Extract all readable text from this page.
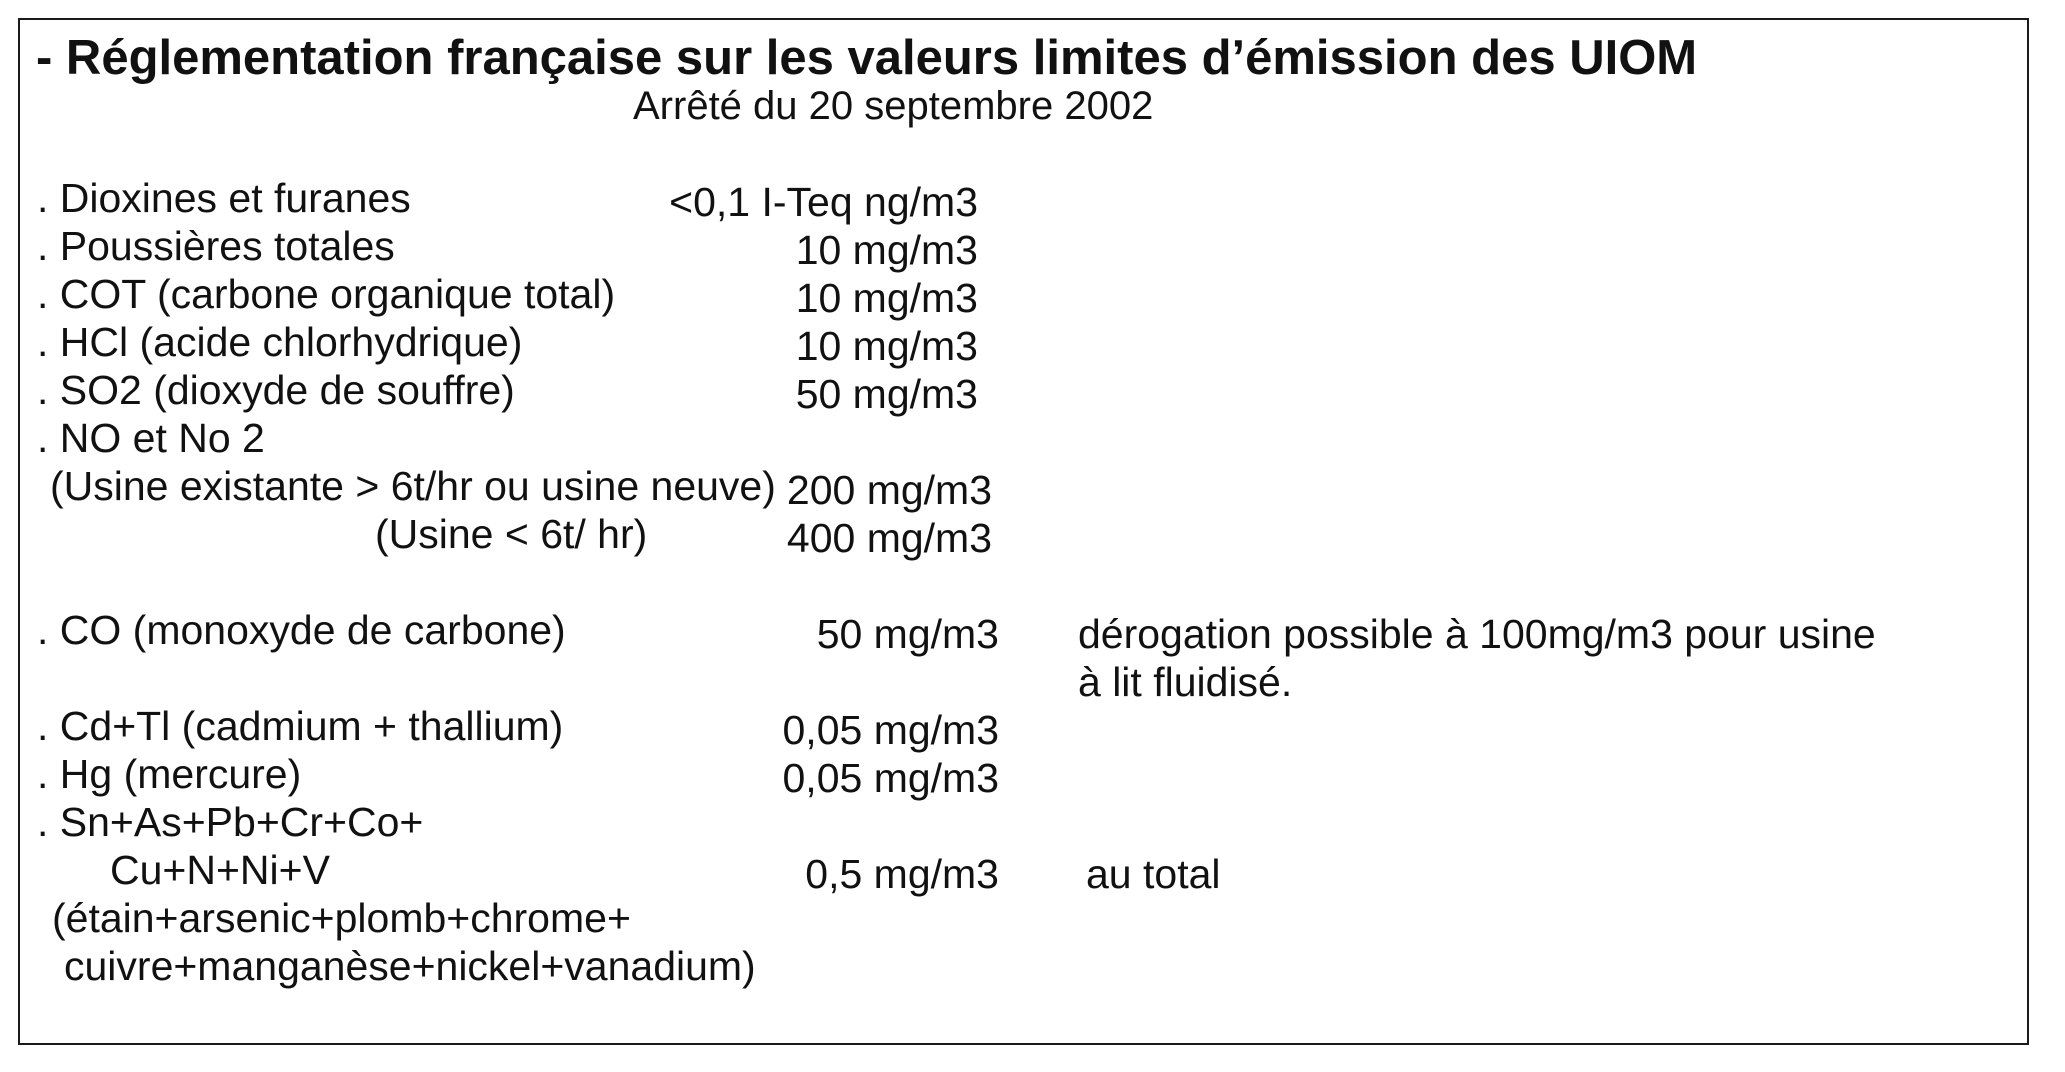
- Réglementation française sur les valeurs limites d’émission des UIOM
Arrêté du 20 septembre 2002
. Dioxines et furanes	<0,1 I-Teq ng/m3
. Poussières totales	10 mg/m3
. COT (carbone organique total)	10 mg/m3
. HCl (acide chlorhydrique)	10 mg/m3
. SO2 (dioxyde de souffre)	50 mg/m3
. NO et No 2
(Usine existante > 6t/hr ou usine neuve) 200 mg/m3
(Usine < 6t/ hr)	400 mg/m3
. CO (monoxyde de carbone)	50 mg/m3 dérogation possible à 100mg/m3 pour usine
à lit fluidisé.
. Cd+Tl (cadmium + thallium)	0,05 mg/m3
. Hg (mercure)	0,05 mg/m3
. Sn+As+Pb+Cr+Co+
Cu+N+Ni+V	0,5 mg/m3 au total
(étain+arsenic+plomb+chrome+
cuivre+manganèse+nickel+vanadium)
